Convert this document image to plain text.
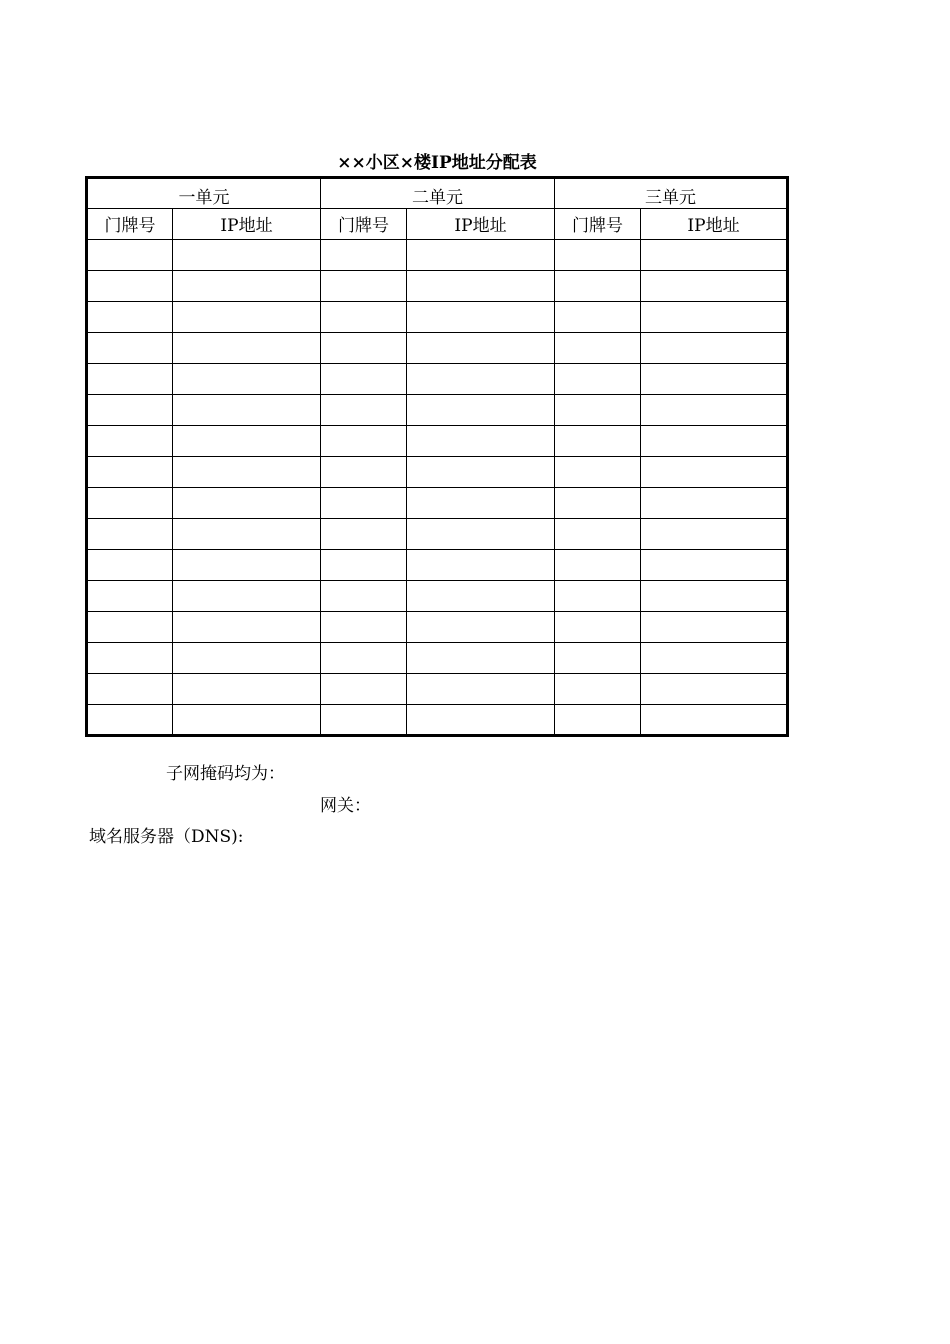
××小区×楼IP地址分配表
一单元		二单元		三单元	
门牌号	IP地址	门牌号	IP地址	门牌号	IP地址

子网掩码均为：
网关：
域名服务器（DNS):
